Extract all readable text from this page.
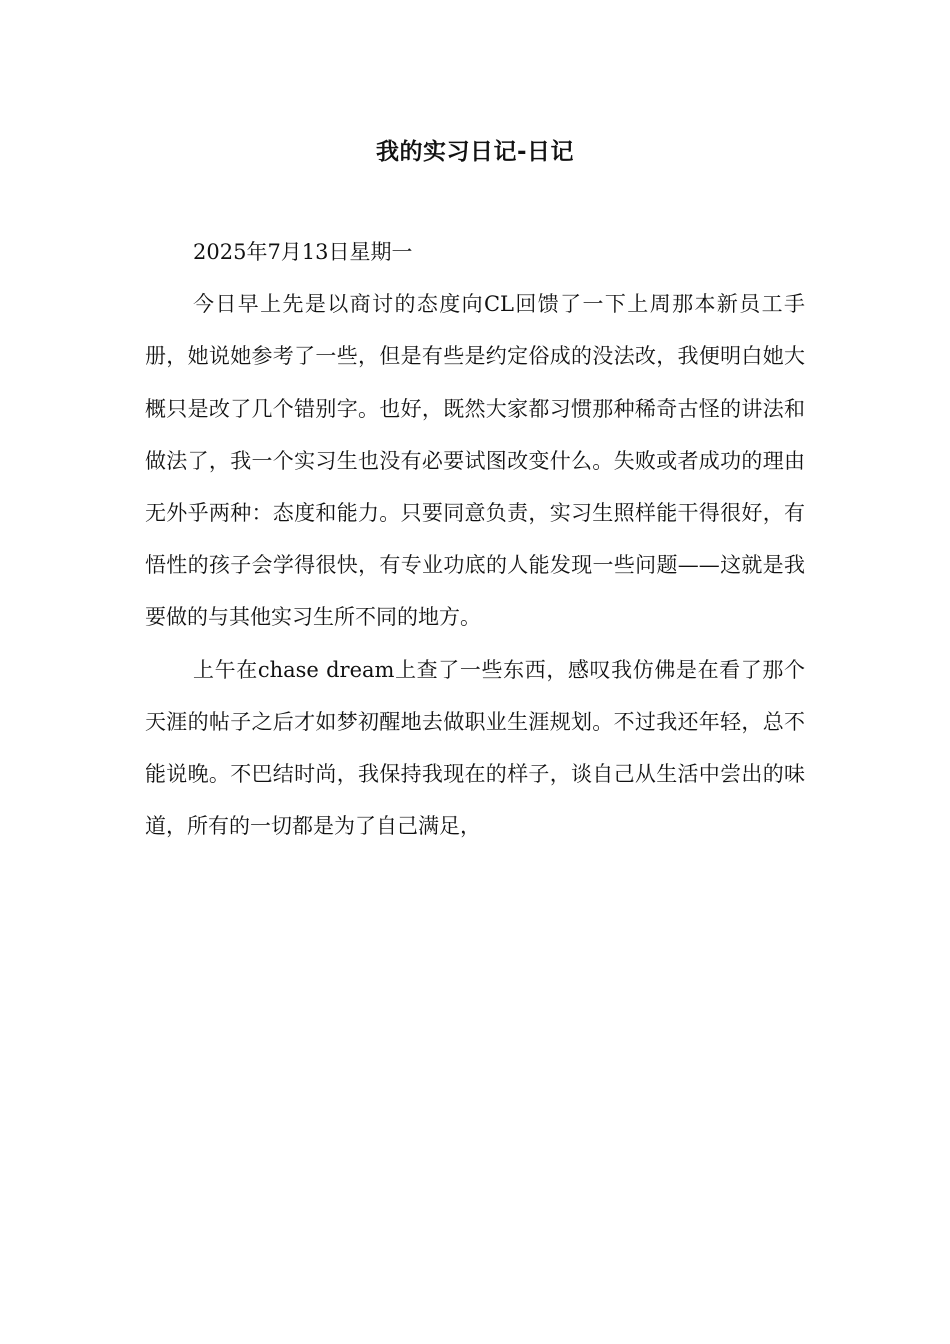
我的实习日记-日记

2025年7月13日星期一

今日早上先是以商讨的态度向CL回馈了一下上周那本新员工手册，她说她参考了一些，但是有些是约定俗成的没法改，我便明白她大概只是改了几个错别字。也好，既然大家都习惯那种稀奇古怪的讲法和做法了，我一个实习生也没有必要试图改变什么。失败或者成功的理由无外乎两种：态度和能力。只要同意负责，实习生照样能干得很好，有悟性的孩子会学得很快，有专业功底的人能发现一些问题——这就是我要做的与其他实习生所不同的地方。

上午在chase dream上查了一些东西，感叹我仿佛是在看了那个天涯的帖子之后才如梦初醒地去做职业生涯规划。不过我还年轻，总不能说晚。不巴结时尚，我保持我现在的样子，谈自己从生活中尝出的味道，所有的一切都是为了自己满足，
